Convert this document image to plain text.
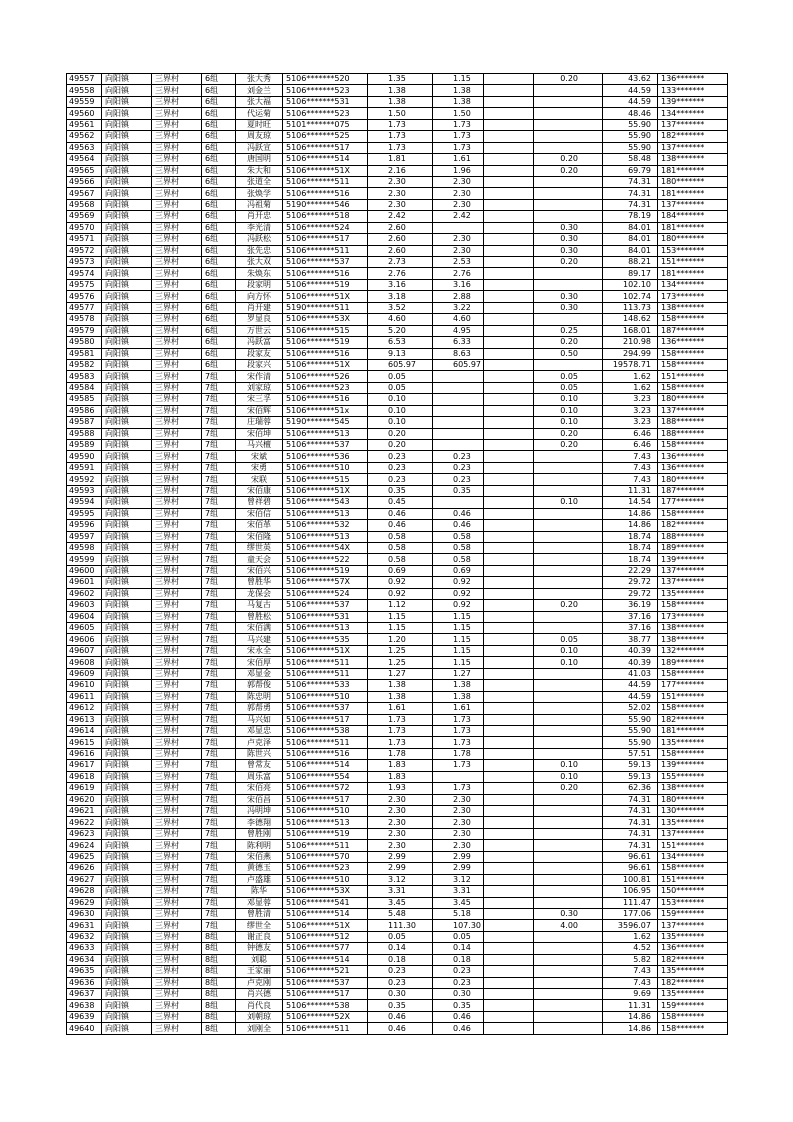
49557	向阳镇	三界村	6组	张大秀	5106*******520	1.35	1.15		0.20	43.62	136*******
49558	向阳镇	三界村	6组	刘金兰	5106*******523	1.38	1.38			44.59	133*******
49559	向阳镇	三界村	6组	张大福	5106*******531	1.38	1.38			44.59	139*******
49560	向阳镇	三界村	6组	代运菊	5106*******523	1.50	1.50			48.46	134*******
49561	向阳镇	三界村	6组	夏时旺	5101*******075	1.73	1.73			55.90	137*******
49562	向阳镇	三界村	6组	周友琼	5106*******525	1.73	1.73			55.90	182*******
49563	向阳镇	三界村	6组	冯跃宣	5106*******517	1.73	1.73			55.90	137*******
49564	向阳镇	三界村	6组	唐国明	5106*******514	1.81	1.61		0.20	58.48	138*******
49565	向阳镇	三界村	6组	朱大和	5106*******51X	2.16	1.96		0.20	69.79	181*******
49566	向阳镇	三界村	6组	张道全	5106*******511	2.30	2.30			74.31	180*******
49567	向阳镇	三界村	6组	张焕学	5106*******516	2.30	2.30			74.31	181*******
49568	向阳镇	三界村	6组	冯祖菊	5190*******546	2.30	2.30			74.31	137*******
49569	向阳镇	三界村	6组	肖开忠	5106*******518	2.42	2.42			78.19	184*******
49570	向阳镇	三界村	6组	李光清	5106*******524	2.60			0.30	84.01	181*******
49571	向阳镇	三界村	6组	冯跃松	5106*******517	2.60	2.30		0.30	84.01	180*******
49572	向阳镇	三界村	6组	张先忠	5106*******511	2.60	2.30		0.30	84.01	153*******
49573	向阳镇	三界村	6组	张大双	5106*******537	2.73	2.53		0.20	88.21	151*******
49574	向阳镇	三界村	6组	朱焕东	5106*******516	2.76	2.76			89.17	181*******
49575	向阳镇	三界村	6组	段家明	5106*******519	3.16	3.16			102.10	134*******
49576	向阳镇	三界村	6组	向方怀	5106*******51X	3.18	2.88		0.30	102.74	173*******
49577	向阳镇	三界村	6组	肖开建	5190*******511	3.52	3.22		0.30	113.73	138*******
49578	向阳镇	三界村	6组	罗显良	5106*******53X	4.60	4.60			148.62	158*******
49579	向阳镇	三界村	6组	万世云	5106*******515	5.20	4.95		0.25	168.01	187*******
49580	向阳镇	三界村	6组	冯跃富	5106*******519	6.53	6.33		0.20	210.98	136*******
49581	向阳镇	三界村	6组	段家友	5106*******516	9.13	8.63		0.50	294.99	158*******
49582	向阳镇	三界村	6组	段家兴	5106*******51X	605.97	605.97			19578.71	158*******
49583	向阳镇	三界村	7组	宋作清	5106*******526	0.05			0.05	1.62	151*******
49584	向阳镇	三界村	7组	刘家琼	5106*******523	0.05			0.05	1.62	158*******
49585	向阳镇	三界村	7组	宋三孚	5106*******516	0.10			0.10	3.23	180*******
49586	向阳镇	三界村	7组	宋佰辉	5106*******51x	0.10			0.10	3.23	137*******
49587	向阳镇	三界村	7组	庄瑞蓉	5190*******545	0.10			0.10	3.23	188*******
49588	向阳镇	三界村	7组	宋佰坤	5106*******513	0.20			0.20	6.46	188*******
49589	向阳镇	三界村	7组	马兴檀	5106*******537	0.20			0.20	6.46	158*******
49590	向阳镇	三界村	7组	宋斌	5106*******536	0.23	0.23			7.43	136*******
49591	向阳镇	三界村	7组	宋勇	5106*******510	0.23	0.23			7.43	136*******
49592	向阳镇	三界村	7组	宋联	5106*******515	0.23	0.23			7.43	180*******
49593	向阳镇	三界村	7组	宋佰康	5106*******51X	0.35	0.35			11.31	187*******
49594	向阳镇	三界村	7组	曾祥碧	5106*******543	0.45			0.10	14.54	177*******
49595	向阳镇	三界村	7组	宋佰信	5106*******513	0.46	0.46			14.86	158*******
49596	向阳镇	三界村	7组	宋佰革	5106*******532	0.46	0.46			14.86	182*******
49597	向阳镇	三界村	7组	宋佰隆	5106*******513	0.58	0.58			18.74	188*******
49598	向阳镇	三界村	7组	缪世英	5106*******54X	0.58	0.58			18.74	189*******
49599	向阳镇	三界村	7组	童天会	5106*******522	0.58	0.58			18.74	139*******
49600	向阳镇	三界村	7组	宋佰兴	5106*******519	0.69	0.69			22.29	137*******
49601	向阳镇	三界村	7组	曾胜华	5106*******57X	0.92	0.92			29.72	137*******
49602	向阳镇	三界村	7组	龙保会	5106*******524	0.92	0.92			29.72	135*******
49603	向阳镇	三界村	7组	马复古	5106*******537	1.12	0.92		0.20	36.19	158*******
49604	向阳镇	三界村	7组	曾胜松	5106*******531	1.15	1.15			37.16	173*******
49605	向阳镇	三界村	7组	宋佰满	5106*******513	1.15	1.15			37.16	138*******
49606	向阳镇	三界村	7组	马兴建	5106*******535	1.20	1.15		0.05	38.77	138*******
49607	向阳镇	三界村	7组	宋永全	5106*******51X	1.25	1.15		0.10	40.39	132*******
49608	向阳镇	三界村	7组	宋佰厚	5106*******511	1.25	1.15		0.10	40.39	189*******
49609	向阳镇	三界村	7组	邓显金	5106*******511	1.27	1.27			41.03	158*******
49610	向阳镇	三界村	7组	郭帮俊	5106*******533	1.38	1.38			44.59	177*******
49611	向阳镇	三界村	7组	陈忠明	5106*******510	1.38	1.38			44.59	151*******
49612	向阳镇	三界村	7组	郭帮勇	5106*******537	1.61	1.61			52.02	158*******
49613	向阳镇	三界村	7组	马兴如	5106*******517	1.73	1.73			55.90	182*******
49614	向阳镇	三界村	7组	邓显忠	5106*******538	1.73	1.73			55.90	181*******
49615	向阳镇	三界村	7组	卢克泽	5106*******511	1.73	1.73			55.90	135*******
49616	向阳镇	三界村	7组	陈世兴	5106*******516	1.78	1.78			57.51	158*******
49617	向阳镇	三界村	7组	曾常友	5106*******514	1.83	1.73		0.10	59.13	139*******
49618	向阳镇	三界村	7组	周乐富	5106*******554	1.83			0.10	59.13	155*******
49619	向阳镇	三界村	7组	宋佰亮	5106*******572	1.93	1.73		0.20	62.36	138*******
49620	向阳镇	三界村	7组	宋佰昌	5106*******517	2.30	2.30			74.31	180*******
49621	向阳镇	三界村	7组	冯明坤	5106*******510	2.30	2.30			74.31	130*******
49622	向阳镇	三界村	7组	李德翔	5106*******513	2.30	2.30			74.31	135*******
49623	向阳镇	三界村	7组	曾胜刚	5106*******519	2.30	2.30			74.31	137*******
49624	向阳镇	三界村	7组	陈利明	5106*******511	2.30	2.30			74.31	151*******
49625	向阳镇	三界村	7组	宋佰燕	5106*******570	2.99	2.99			96.61	134*******
49626	向阳镇	三界村	7组	黄德玉	5106*******523	2.99	2.99			96.61	158*******
49627	向阳镇	三界村	7组	卢盛雄	5106*******510	3.12	3.12			100.81	151*******
49628	向阳镇	三界村	7组	陈华	5106*******53X	3.31	3.31			106.95	150*******
49629	向阳镇	三界村	7组	邓显蓉	5106*******541	3.45	3.45			111.47	153*******
49630	向阳镇	三界村	7组	曾胜清	5106*******514	5.48	5.18		0.30	177.06	159*******
49631	向阳镇	三界村	7组	缪世全	5106*******51X	111.30	107.30		4.00	3596.07	137*******
49632	向阳镇	三界村	8组	谢正良	5106*******512	0.05	0.05			1.62	135*******
49633	向阳镇	三界村	8组	钟德友	5106*******577	0.14	0.14			4.52	136*******
49634	向阳镇	三界村	8组	刘聪	5106*******514	0.18	0.18			5.82	182*******
49635	向阳镇	三界村	8组	王家丽	5106*******521	0.23	0.23			7.43	135*******
49636	向阳镇	三界村	8组	卢克刚	5106*******537	0.23	0.23			7.43	182*******
49637	向阳镇	三界村	8组	肖兴德	5106*******517	0.30	0.30			9.69	135*******
49638	向阳镇	三界村	8组	肖代良	5106*******538	0.35	0.35			11.31	159*******
49639	向阳镇	三界村	8组	刘朝琼	5106*******52X	0.46	0.46			14.86	158*******
49640	向阳镇	三界村	8组	刘刚全	5106*******511	0.46	0.46			14.86	158*******
